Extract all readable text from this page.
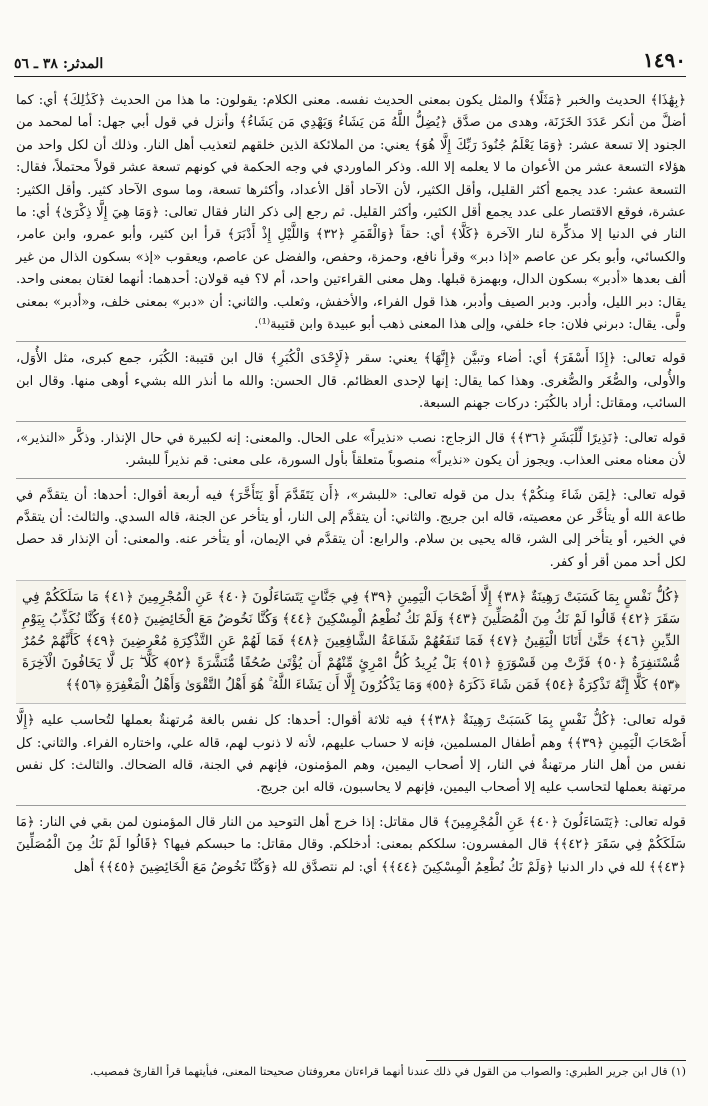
١٤٩٠
المدثر: ٣٨ ـ ٥٦

﴿بِهَٰذَا﴾ الحديث والخبر ﴿مَثَلًا﴾ والمثل يكون بمعنى الحديث نفسه. معنى الكلام: يقولون: ما هذا من الحديث ﴿كَذَٰلِكَ﴾ أي: كما أضلَّ من أنكر عَدَدَ الخَزَنَة، وهدى من صدَّق ﴿يُضِلُّ اللَّهُ مَن يَشَاءُ وَيَهْدِي مَن يَشَاءُ﴾ وأنزل في قول أبي جهل: أما لمحمد من الجنود إلا تسعة عشر: ﴿وَمَا يَعْلَمُ جُنُودَ رَبِّكَ إِلَّا هُوَ﴾ يعني: من الملائكة الذين خلقهم لتعذيب أهل النار. وذلك أن لكل واحد من هؤلاء التسعة عشر من الأعوان ما لا يعلمه إلا الله. وذكر الماوردي في وجه الحكمة في كونهم تسعة عشر قولاً محتملاً، فقال: التسعة عشر: عدد يجمع أكثر القليل، وأقل الكثير، لأن الآحاد أقل الأعداد، وأكثرها تسعة، وما سوى الآحاد كثير. وأقل الكثير: عشرة، فوقع الاقتصار على عدد يجمع أقل الكثير، وأكثر القليل. ثم رجع إلى ذكر النار فقال تعالى: ﴿وَمَا هِيَ إِلَّا ذِكْرَىٰ﴾ أي: ما النار في الدنيا إلا مذكِّرة لنار الآخرة ﴿كَلَّا﴾ أي: حقاً ﴿وَالْقَمَرِ ﴿٣٢﴾ وَاللَّيْلِ إِذْ أَدْبَرَ﴾ قرأ ابن كثير، وأبو عمرو، وابن عامر، والكسائي، وأبو بكر عن عاصم «إذا دبر» وقرأ نافع، وحمزة، وحفص، والفضل عن عاصم، ويعقوب «إذ» بسكون الذال من غير ألف بعدها «أدبر» بسكون الدال، وبهمزة قبلها. وهل معنى القراءتين واحد، أم لا؟ فيه قولان: أحدهما: أنهما لغتان بمعنى واحد. يقال: دبر الليل، وأدبر. ودبر الصيف وأدبر، هذا قول الفراء، والأخفش، وثعلب. والثاني: أن «دبر» بمعنى خلف، و«أدبر» بمعنى ولَّى. يقال: دبرني فلان: جاء خلفي، وإلى هذا المعنى ذهب أبو عبيدة وابن قتيبة⁽¹⁾.

قوله تعالى: ﴿إِذَا أَسْفَرَ﴾ أي: أضاء وتبيَّن ﴿إِنَّهَا﴾ يعني: سقر ﴿لَإِحْدَى الْكُبَرِ﴾ قال ابن قتيبة: الكُبَر، جمع كبرى، مثل الأُوَل، والأُولى، والصُّغَر والصُّغرى. وهذا كما يقال: إنها لإحدى العظائم. قال الحسن: والله ما أنذر الله بشيء أوهى منها. وقال ابن السائب، ومقاتل: أراد بالكُبَر: دركات جهنم السبعة.

قوله تعالى: ﴿نَذِيرًا لِّلْبَشَرِ ﴿٣٦﴾﴾ قال الزجاج: نصب «نذيراً» على الحال. والمعنى: إنه لكبيرة في حال الإنذار. وذكَّر «النذير»، لأن معناه معنى العذاب. ويجوز أن يكون «نذيراً» منصوباً متعلقاً بأول السورة، على معنى: قم نذيراً للبشر.

قوله تعالى: ﴿لِمَن شَاءَ مِنكُمْ﴾ بدل من قوله تعالى: «للبشر»، ﴿أَن يَتَقَدَّمَ أَوْ يَتَأَخَّرَ﴾ فيه أربعة أقوال: أحدها: أن يتقدَّم في طاعة الله أو يتأخَّر عن معصيته، قاله ابن جريج. والثاني: أن يتقدَّم إلى النار، أو يتأخر عن الجنة، قاله السدي. والثالث: أن يتقدَّم في الخير، أو يتأخر إلى الشر، قاله يحيى بن سلام. والرابع: أن يتقدَّم في الإيمان، أو يتأخر عنه. والمعنى: أن الإنذار قد حصل لكل أحد ممن أقر أو كفر.

﴿كُلُّ نَفْسٍ بِمَا كَسَبَتْ رَهِينَةٌ ﴿٣٨﴾ إِلَّا أَصْحَابَ الْيَمِينِ ﴿٣٩﴾ فِي جَنَّاتٍ يَتَسَاءَلُونَ ﴿٤٠﴾ عَنِ الْمُجْرِمِينَ ﴿٤١﴾ مَا سَلَكَكُمْ فِي سَقَرَ ﴿٤٢﴾ قَالُوا لَمْ نَكُ مِنَ الْمُصَلِّينَ ﴿٤٣﴾ وَلَمْ نَكُ نُطْعِمُ الْمِسْكِينَ ﴿٤٤﴾ وَكُنَّا نَخُوضُ مَعَ الْخَائِضِينَ ﴿٤٥﴾ وَكُنَّا نُكَذِّبُ بِيَوْمِ الدِّينِ ﴿٤٦﴾ حَتَّىٰ أَتَانَا الْيَقِينُ ﴿٤٧﴾ فَمَا تَنفَعُهُمْ شَفَاعَةُ الشَّافِعِينَ ﴿٤٨﴾ فَمَا لَهُمْ عَنِ التَّذْكِرَةِ مُعْرِضِينَ ﴿٤٩﴾ كَأَنَّهُمْ حُمُرٌ مُّسْتَنفِرَةٌ ﴿٥٠﴾ فَرَّتْ مِن قَسْوَرَةٍ ﴿٥١﴾ بَلْ يُرِيدُ كُلُّ امْرِئٍ مِّنْهُمْ أَن يُؤْتَىٰ صُحُفًا مُّنَشَّرَةً ﴿٥٢﴾ كَلَّا ۖ بَل لَّا يَخَافُونَ الْآخِرَةَ ﴿٥٣﴾ كَلَّا إِنَّهُ تَذْكِرَةٌ ﴿٥٤﴾ فَمَن شَاءَ ذَكَرَهُ ﴿٥٥﴾ وَمَا يَذْكُرُونَ إِلَّا أَن يَشَاءَ اللَّهُ ۚ هُوَ أَهْلُ التَّقْوَىٰ وَأَهْلُ الْمَغْفِرَةِ ﴿٥٦﴾﴾

قوله تعالى: ﴿كُلُّ نَفْسٍ بِمَا كَسَبَتْ رَهِينَةٌ ﴿٣٨﴾﴾ فيه ثلاثة أقوال: أحدها: كل نفس بالغة مُرتهنةٌ بعملها لتُحاسب عليه ﴿إِلَّا أَصْحَابَ الْيَمِينِ ﴿٣٩﴾﴾ وهم أطفال المسلمين، فإنه لا حساب عليهم، لأنه لا ذنوب لهم، قاله علي، واختاره الفراء. والثاني: كل نفس من أهل النار مرتهنةٌ في النار، إلا أصحاب اليمين، وهم المؤمنون، فإنهم في الجنة، قاله الضحاك. والثالث: كل نفس مرتهنة بعملها لتحاسب عليه إلا أصحاب اليمين، فإنهم لا يحاسبون، قاله ابن جريج.

قوله تعالى: ﴿يَتَسَاءَلُونَ ﴿٤٠﴾ عَنِ الْمُجْرِمِينَ﴾ قال مقاتل: إذا خرج أهل التوحيد من النار قال المؤمنون لمن بقي في النار: ﴿مَا سَلَكَكُمْ فِي سَقَرَ ﴿٤٢﴾﴾ قال المفسرون: سلككم بمعنى: أدخلكم. وقال مقاتل: ما حبسكم فيها؟ ﴿قَالُوا لَمْ نَكُ مِنَ الْمُصَلِّينَ ﴿٤٣﴾﴾ لله في دار الدنيا ﴿وَلَمْ نَكُ نُطْعِمُ الْمِسْكِينَ ﴿٤٤﴾﴾ أي: لم نتصدَّق لله ﴿وَكُنَّا نَخُوضُ مَعَ الْخَائِضِينَ ﴿٤٥﴾﴾ أهل

(١) قال ابن جرير الطبري: والصواب من القول في ذلك عندنا أنهما قراءتان معروفتان صحيحتا المعنى، فبأيتهما قرأ القارئ فمصيب.
